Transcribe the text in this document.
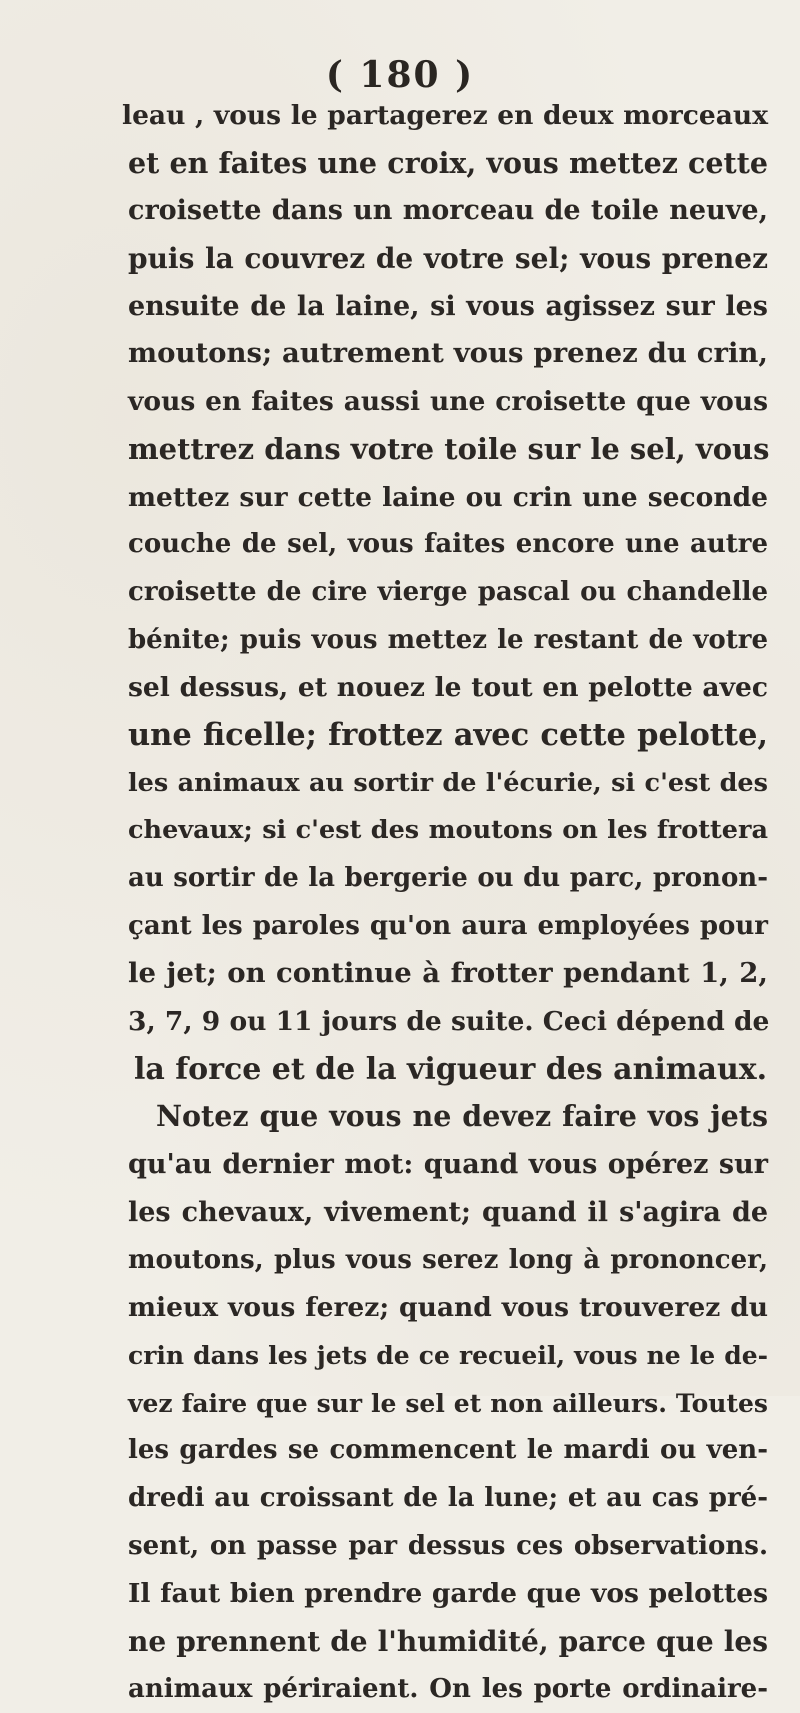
( 180 )
leau , vous le partagerez en deux morceaux
et en faites une croix, vous mettez cette
croisette dans un morceau de toile neuve,
puis la couvrez de votre sel; vous prenez
ensuite de la laine, si vous agissez sur les
moutons; autrement vous prenez du crin,
vous en faites aussi une croisette que vous
mettrez dans votre toile sur le sel, vous
mettez sur cette laine ou crin une seconde
couche de sel, vous faites encore une autre
croisette de cire vierge pascal ou chandelle
bénite; puis vous mettez le restant de votre
sel dessus, et nouez le tout en pelotte avec
une ficelle; frottez avec cette pelotte,
les animaux au sortir de l'écurie, si c'est des
chevaux; si c'est des moutons on les frottera
au sortir de la bergerie ou du parc, pronon-
çant les paroles qu'on aura employées pour
le jet; on continue à frotter pendant 1, 2,
3, 7, 9 ou 11 jours de suite. Ceci dépend de
la force et de la vigueur des animaux.
Notez que vous ne devez faire vos jets
qu'au dernier mot: quand vous opérez sur
les chevaux, vivement; quand il s'agira de
moutons, plus vous serez long à prononcer,
mieux vous ferez; quand vous trouverez du
crin dans les jets de ce recueil, vous ne le de-
vez faire que sur le sel et non ailleurs. Toutes
les gardes se commencent le mardi ou ven-
dredi au croissant de la lune; et au cas pré-
sent, on passe par dessus ces observations.
Il faut bien prendre garde que vos pelottes
ne prennent de l'humidité, parce que les
animaux périraient. On les porte ordinaire-
